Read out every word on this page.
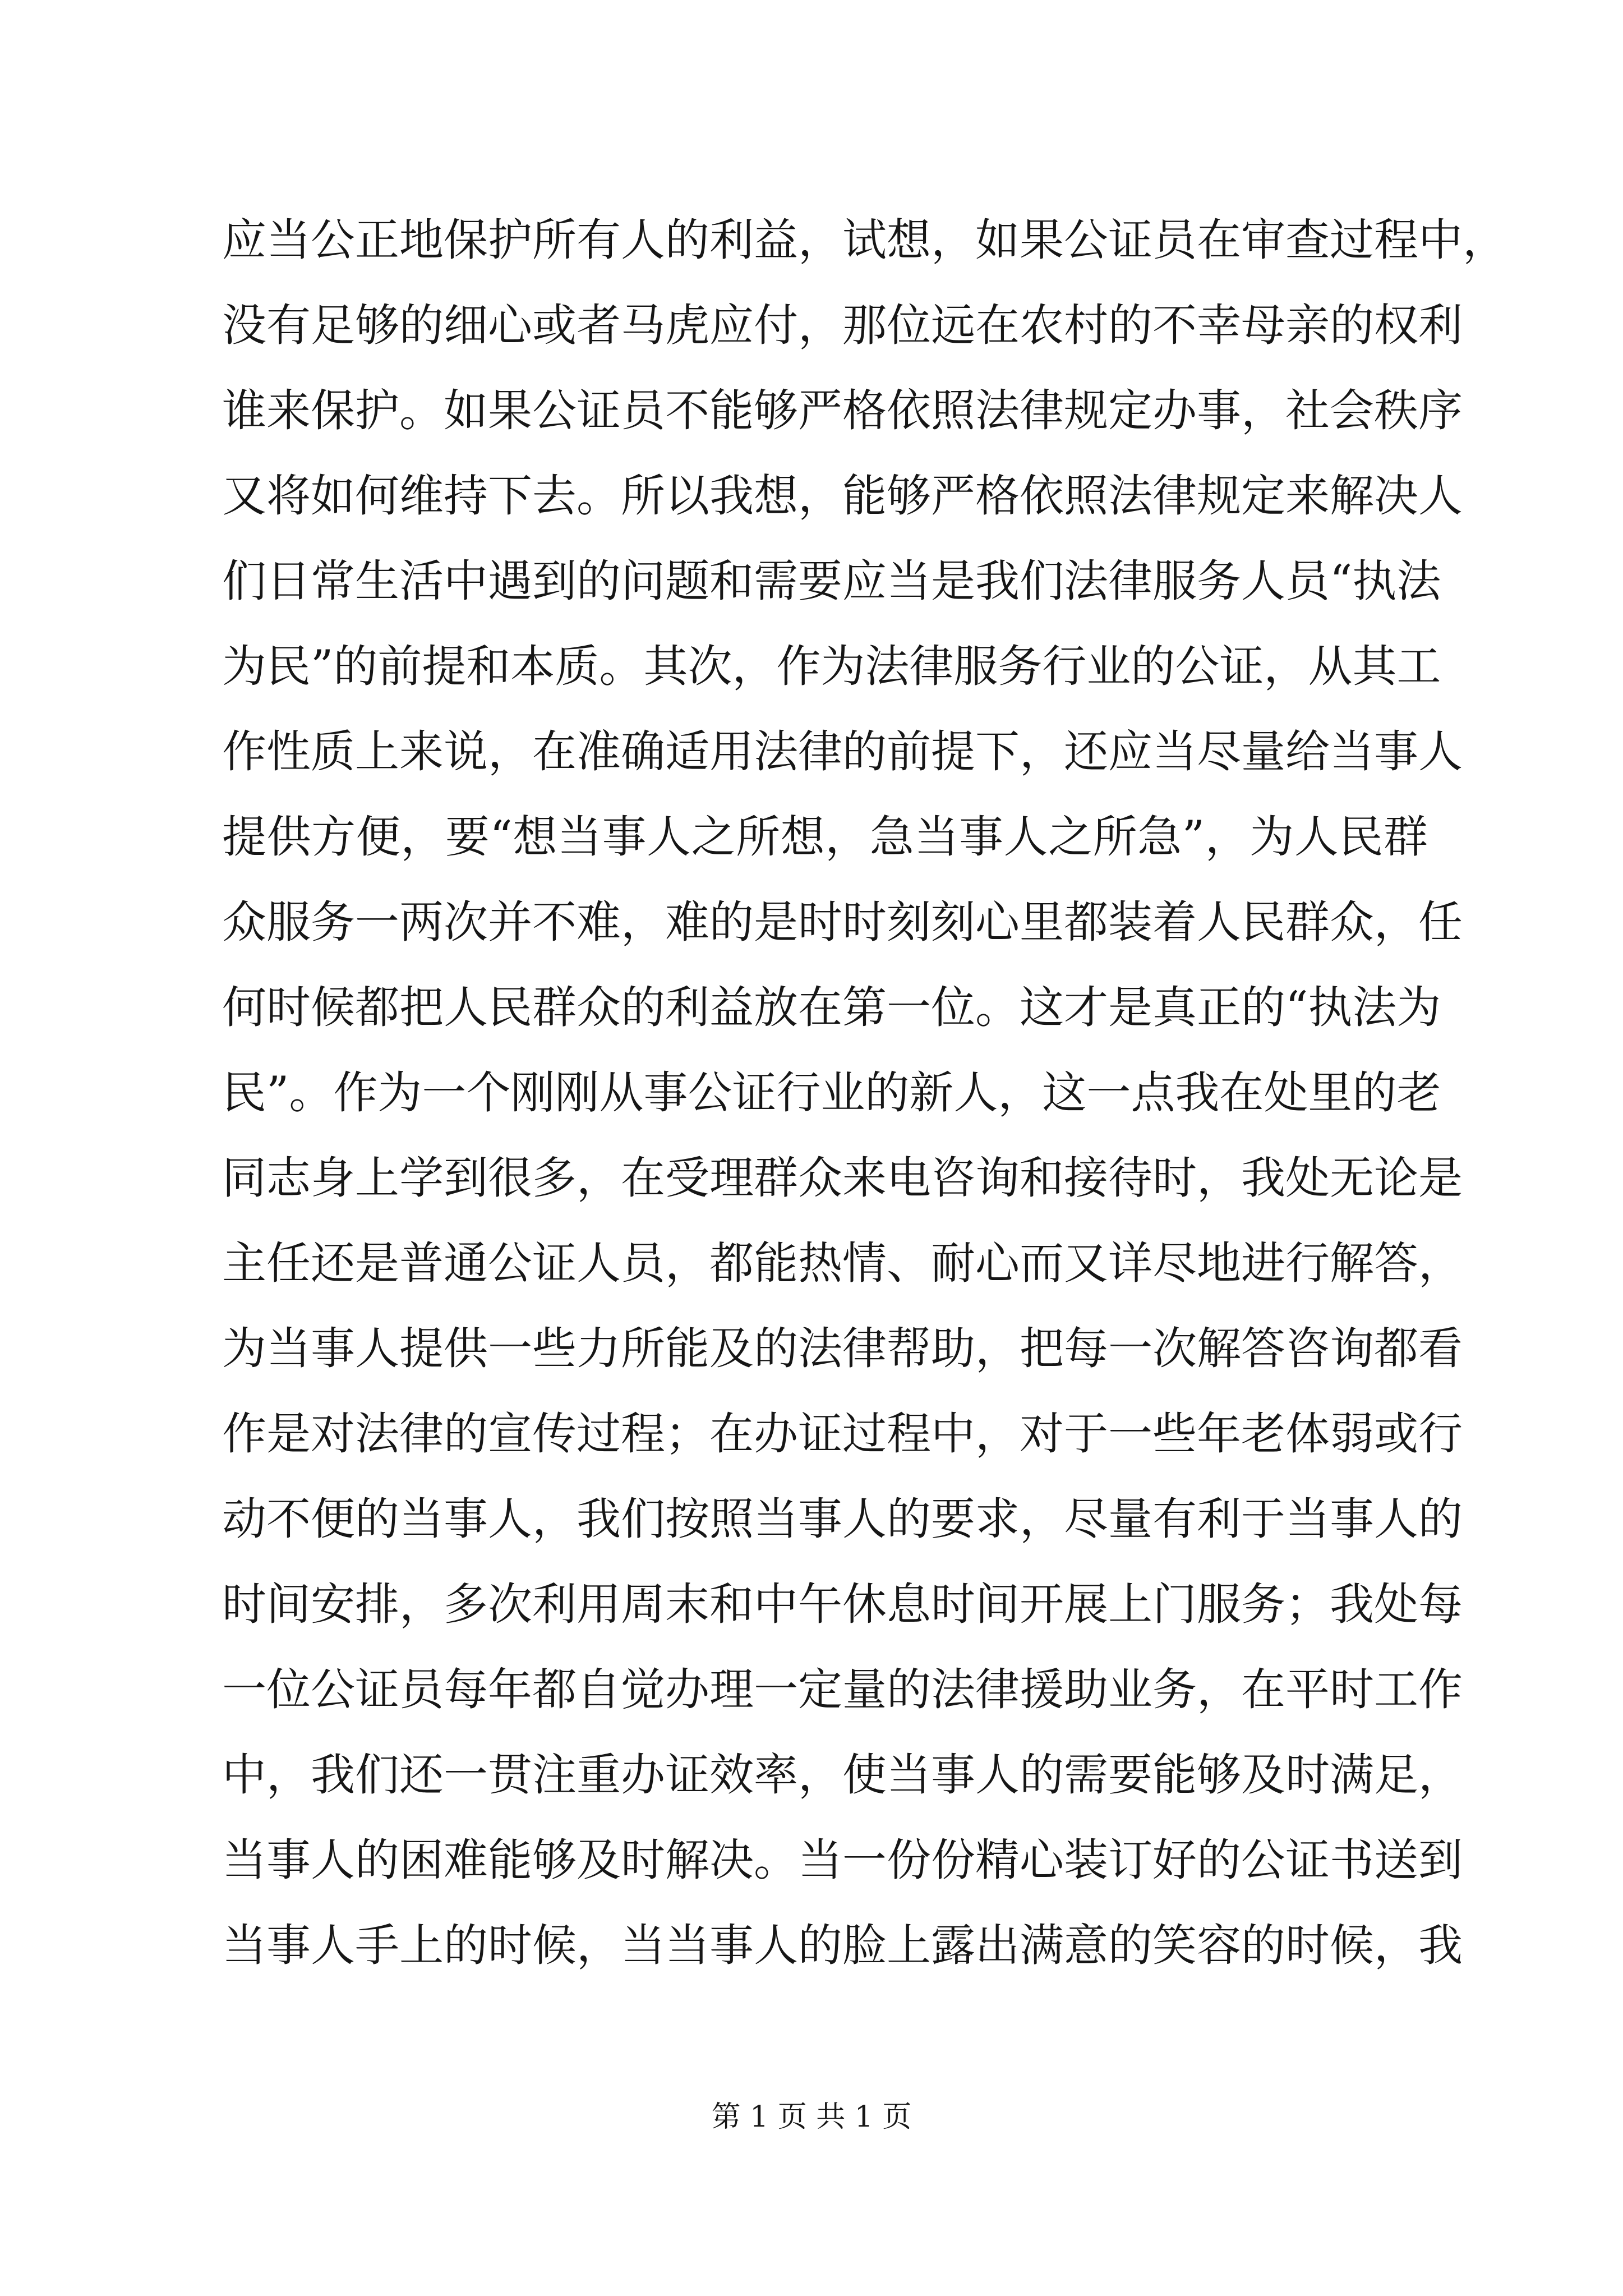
应当公正地保护所有人的利益，试想，如果公证员在审查过程中，
没有足够的细心或者马虎应付，那位远在农村的不幸母亲的权利
谁来保护。如果公证员不能够严格依照法律规定办事，社会秩序
又将如何维持下去。所以我想，能够严格依照法律规定来解决人
们日常生活中遇到的问题和需要应当是我们法律服务人员“执法
为民”的前提和本质。其次，作为法律服务行业的公证，从其工
作性质上来说，在准确适用法律的前提下，还应当尽量给当事人
提供方便，要“想当事人之所想，急当事人之所急”，为人民群
众服务一两次并不难，难的是时时刻刻心里都装着人民群众，任
何时候都把人民群众的利益放在第一位。这才是真正的“执法为
民”。作为一个刚刚从事公证行业的新人，这一点我在处里的老
同志身上学到很多，在受理群众来电咨询和接待时，我处无论是
主任还是普通公证人员，都能热情、耐心而又详尽地进行解答，
为当事人提供一些力所能及的法律帮助，把每一次解答咨询都看
作是对法律的宣传过程；在办证过程中，对于一些年老体弱或行
动不便的当事人，我们按照当事人的要求，尽量有利于当事人的
时间安排，多次利用周末和中午休息时间开展上门服务；我处每
一位公证员每年都自觉办理一定量的法律援助业务，在平时工作
中，我们还一贯注重办证效率，使当事人的需要能够及时满足，
当事人的困难能够及时解决。当一份份精心装订好的公证书送到
当事人手上的时候，当当事人的脸上露出满意的笑容的时候，我
第 1 页 共 1 页
